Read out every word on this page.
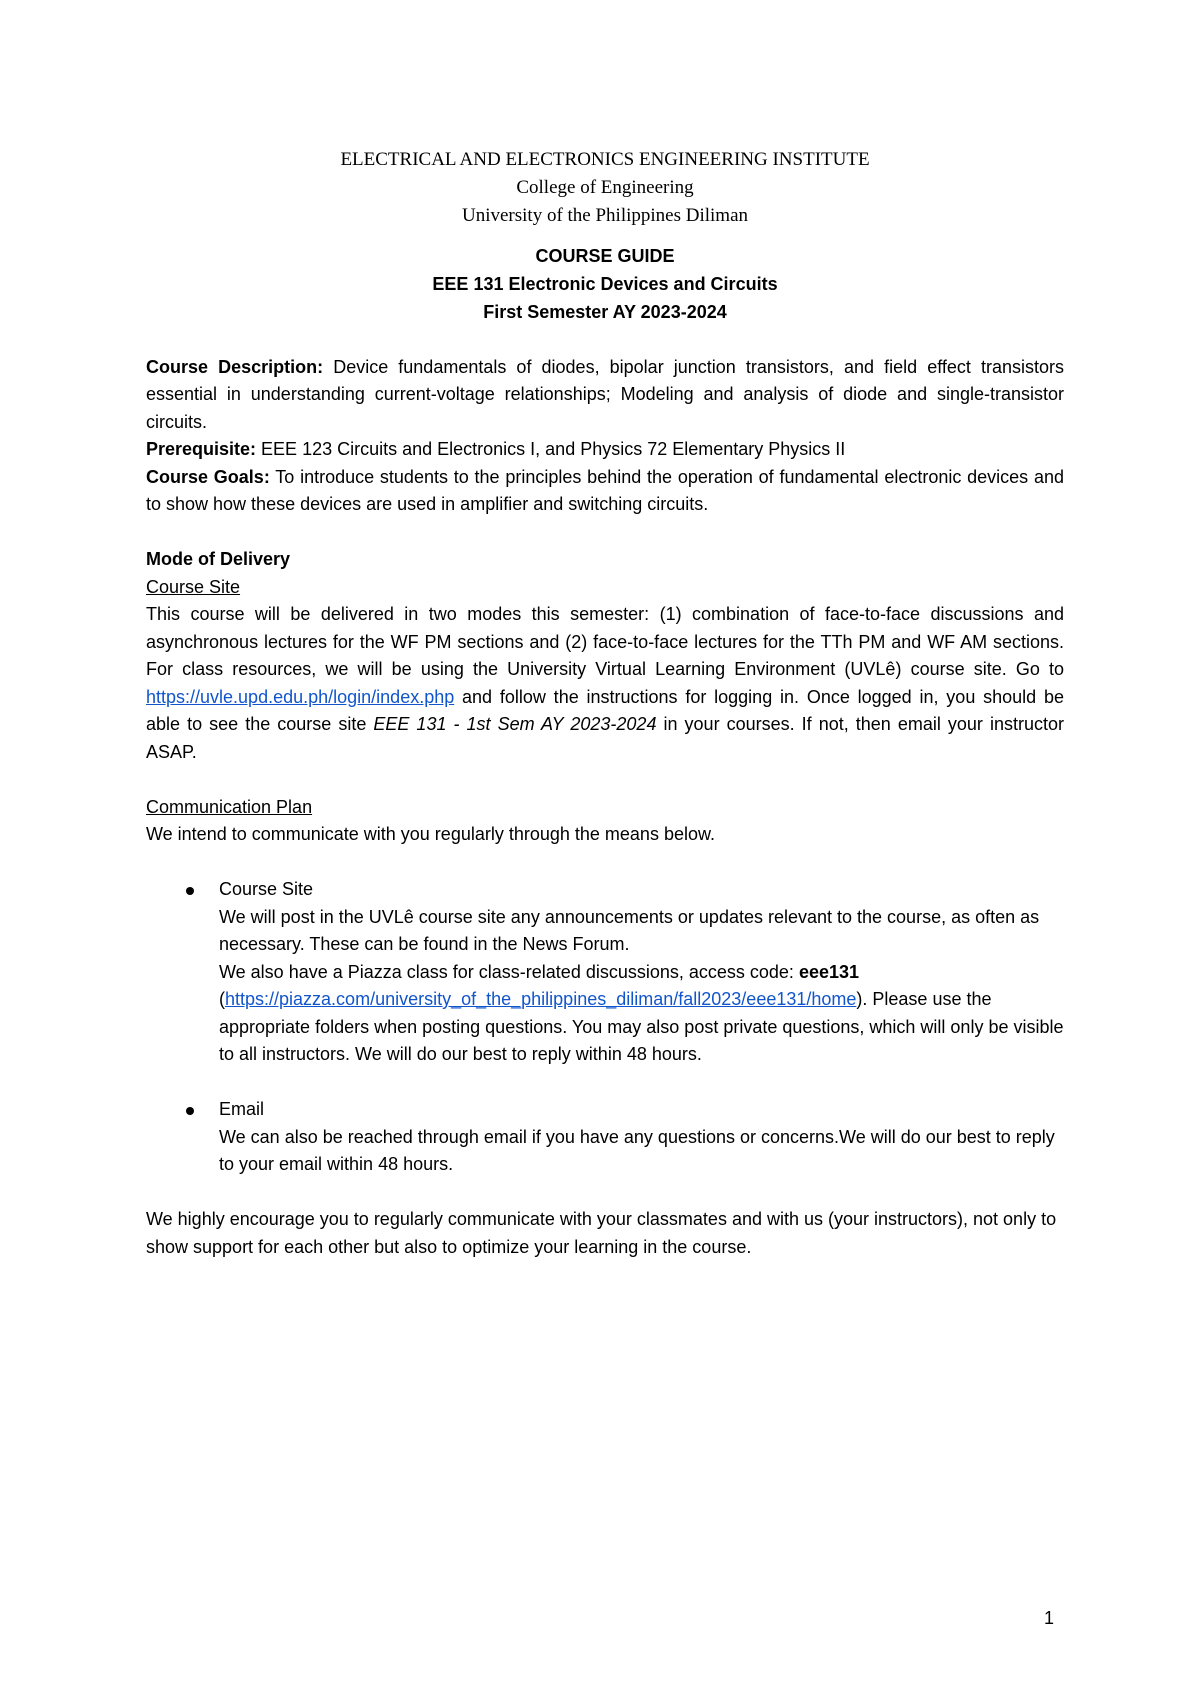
ELECTRICAL AND ELECTRONICS ENGINEERING INSTITUTE
College of Engineering
University of the Philippines Diliman
COURSE GUIDE
EEE 131 Electronic Devices and Circuits
First Semester AY 2023-2024

Course Description: Device fundamentals of diodes, bipolar junction transistors, and field effect transistors essential in understanding current-voltage relationships; Modeling and analysis of diode and single-transistor circuits.

Prerequisite: EEE 123 Circuits and Electronics I, and Physics 72 Elementary Physics II

Course Goals: To introduce students to the principles behind the operation of fundamental electronic devices and to show how these devices are used in amplifier and switching circuits.

Mode of Delivery

Course Site

This course will be delivered in two modes this semester: (1) combination of face-to-face discussions and asynchronous lectures for the WF PM sections and (2) face-to-face lectures for the TTh PM and WF AM sections. For class resources, we will be using the University Virtual Learning Environment (UVLê) course site. Go to https://uvle.upd.edu.ph/login/index.php and follow the instructions for logging in. Once logged in, you should be able to see the course site EEE 131 - 1st Sem AY 2023-2024 in your courses. If not, then email your instructor ASAP.

Communication Plan

We intend to communicate with you regularly through the means below.

Course Site
We will post in the UVLê course site any announcements or updates relevant to the course, as often as necessary. These can be found in the News Forum.
We also have a Piazza class for class-related discussions, access code: eee131
(https://piazza.com/university_of_the_philippines_diliman/fall2023/eee131/home). Please use the appropriate folders when posting questions. You may also post private questions, which will only be visible to all instructors. We will do our best to reply within 48 hours.
Email
We can also be reached through email if you have any questions or concerns.We will do our best to reply to your email within 48 hours.

We highly encourage you to regularly communicate with your classmates and with us (your instructors), not only to show support for each other but also to optimize your learning in the course.

1
